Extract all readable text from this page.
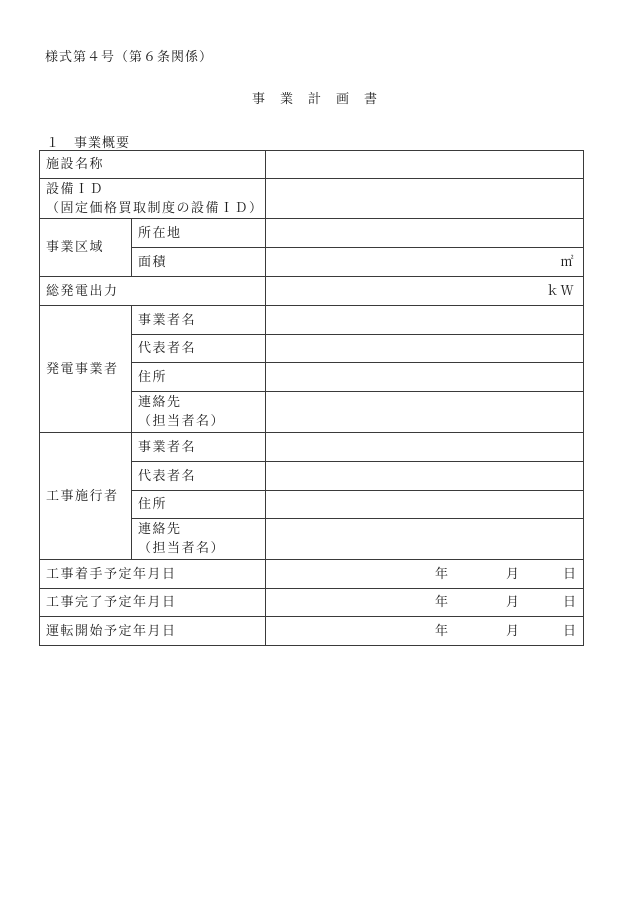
様式第４号（第６条関係）
事　業　計　画　書
１　事業概要
施設名称		

設備ＩＤ
（固定価格買取制度の設備ＩＤ）		

事業区域	所在地	
	面積	㎡
総発電出力		ｋＷ
発電事業者	事業者名	
	代表者名	
	住所	

	連絡先
（担当者名）	

工事施行者	事業者名	
	代表者名	
	住所	

	連絡先
（担当者名）	

工事着手予定年月日		年 月 日

工事完了予定年月日		年 月 日

運転開始予定年月日		年 月 日
